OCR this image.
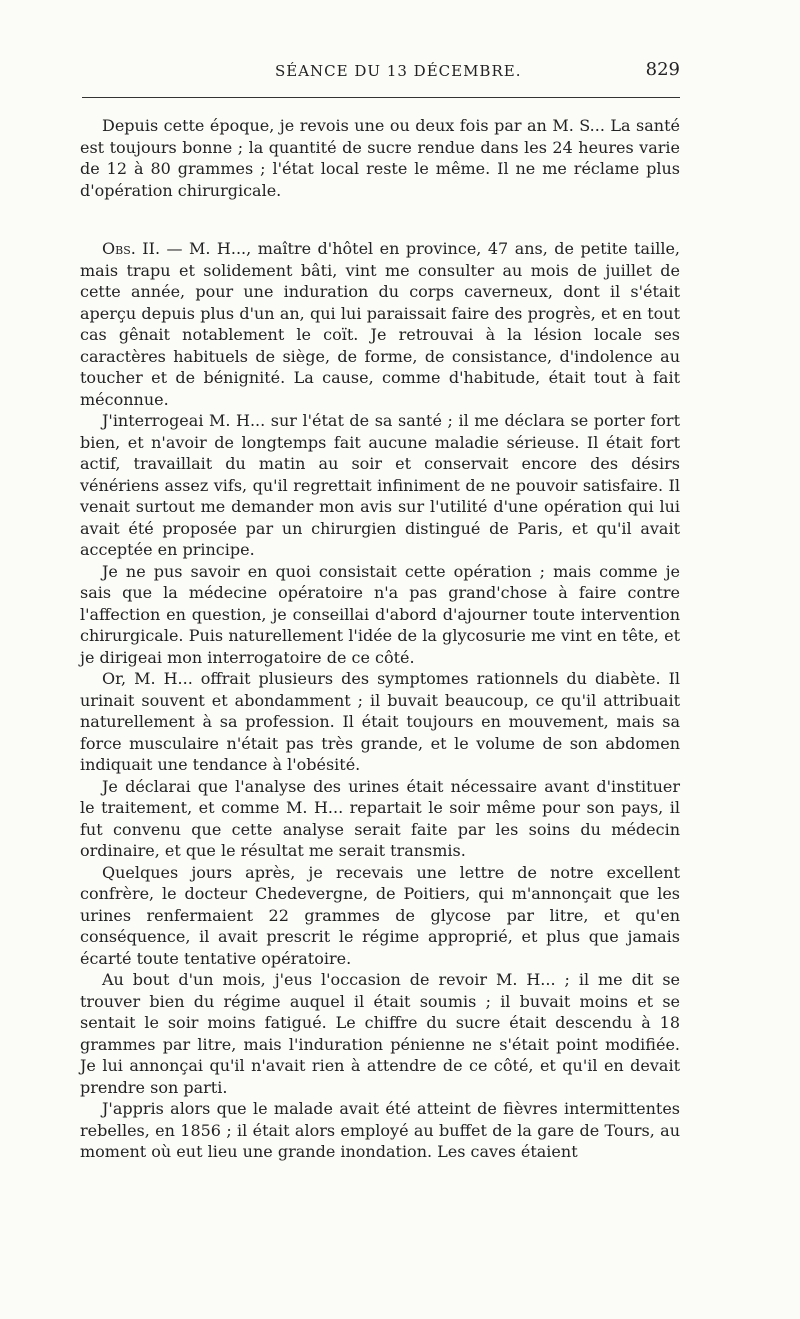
SÉANCE DU 13 DÉCEMBRE.	829

Depuis cette époque, je revois une ou deux fois par an M. S... La santé est toujours bonne ; la quantité de sucre rendue dans les 24 heures varie de 12 à 80 grammes ; l'état local reste le même. Il ne me réclame plus d'opération chirurgicale.

Obs. II. — M. H..., maître d'hôtel en province, 47 ans, de petite taille, mais trapu et solidement bâti, vint me consulter au mois de juillet de cette année, pour une induration du corps caverneux, dont il s'était aperçu depuis plus d'un an, qui lui paraissait faire des progrès, et en tout cas gênait notablement le coït. Je retrouvai à la lésion locale ses caractères habituels de siège, de forme, de consistance, d'indolence au toucher et de bénignité. La cause, comme d'habitude, était tout à fait méconnue.

J'interrogeai M. H... sur l'état de sa santé ; il me déclara se porter fort bien, et n'avoir de longtemps fait aucune maladie sérieuse. Il était fort actif, travaillait du matin au soir et conservait encore des désirs vénériens assez vifs, qu'il regrettait infiniment de ne pouvoir satisfaire. Il venait surtout me demander mon avis sur l'utilité d'une opération qui lui avait été proposée par un chirurgien distingué de Paris, et qu'il avait acceptée en principe.

Je ne pus savoir en quoi consistait cette opération ; mais comme je sais que la médecine opératoire n'a pas grand'chose à faire contre l'affection en question, je conseillai d'abord d'ajourner toute intervention chirurgicale. Puis naturellement l'idée de la glycosurie me vint en tête, et je dirigeai mon interrogatoire de ce côté.

Or, M. H... offrait plusieurs des symptomes rationnels du diabète. Il urinait souvent et abondamment ; il buvait beaucoup, ce qu'il attribuait naturellement à sa profession. Il était toujours en mouvement, mais sa force musculaire n'était pas très grande, et le volume de son abdomen indiquait une tendance à l'obésité.

Je déclarai que l'analyse des urines était nécessaire avant d'instituer le traitement, et comme M. H... repartait le soir même pour son pays, il fut convenu que cette analyse serait faite par les soins du médecin ordinaire, et que le résultat me serait transmis.

Quelques jours après, je recevais une lettre de notre excellent confrère, le docteur Chedevergne, de Poitiers, qui m'annonçait que les urines renfermaient 22 grammes de glycose par litre, et qu'en conséquence, il avait prescrit le régime approprié, et plus que jamais écarté toute tentative opératoire.

Au bout d'un mois, j'eus l'occasion de revoir M. H... ; il me dit se trouver bien du régime auquel il était soumis ; il buvait moins et se sentait le soir moins fatigué. Le chiffre du sucre était descendu à 18 grammes par litre, mais l'induration pénienne ne s'était point modifiée. Je lui annonçai qu'il n'avait rien à attendre de ce côté, et qu'il en devait prendre son parti.

J'appris alors que le malade avait été atteint de fièvres intermittentes rebelles, en 1856 ; il était alors employé au buffet de la gare de Tours, au moment où eut lieu une grande inondation. Les caves étaient
